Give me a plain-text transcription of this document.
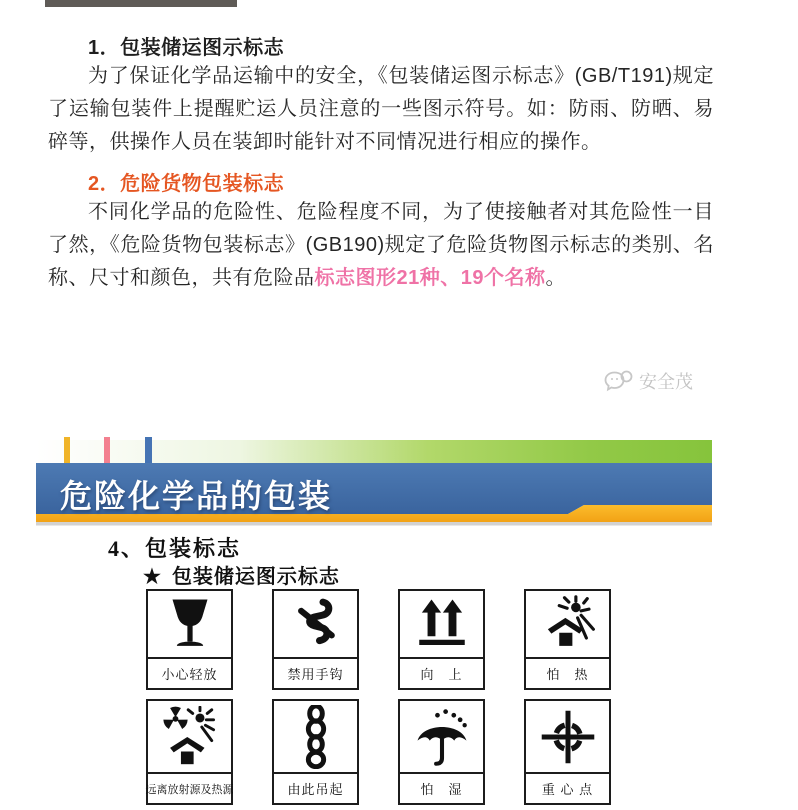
1．包装储运图示标志
为了保证化学品运输中的安全，《包装储运图示标志》(GB/T191)规定了运输包装件上提醒贮运人员注意的一些图示符号。如：防雨、防晒、易碎等，供操作人员在装卸时能针对不同情况进行相应的操作。
2．危险货物包装标志
不同化学品的危险性、危险程度不同，为了使接触者对其危险性一目了然，《危险货物包装标志》(GB190)规定了危险货物图示标志的类别、名称、尺寸和颜色，共有危险品标志图形21种、19个名称。
安全茂
危险化学品的包装
4、包装标志
★ 包装储运图示标志
小心轻放	禁用手钩	向　上	怕　热
远离放射源及热源	由此吊起	怕　湿	重 心 点
